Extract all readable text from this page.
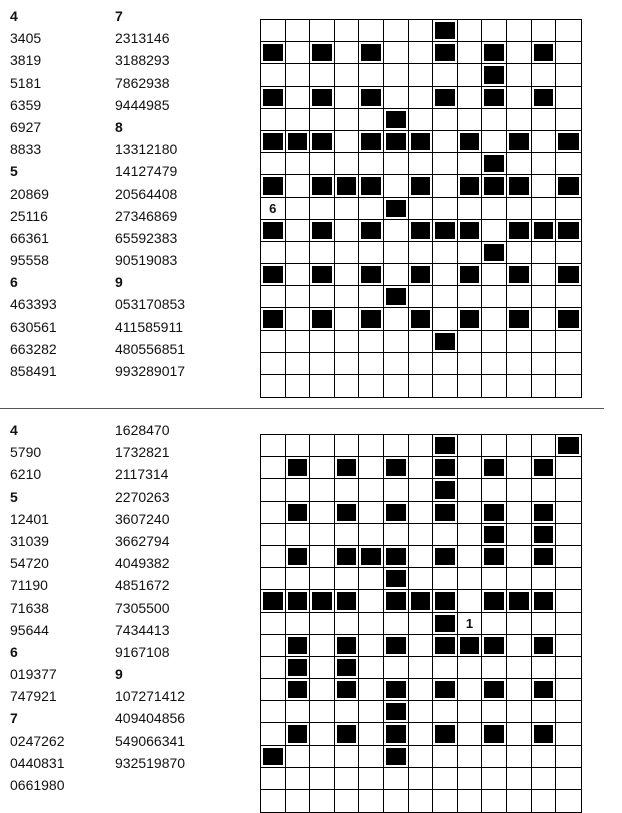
4
3405
3819
5181
6359
6927
8833
5
20869
25116
66361
95558
6
463393
630561
663282
858491
7
2313146
3188293
7862938
9444985
8
13312180
14127479
20564408
27346869
65592383
90519083
9
053170853
411585911
480556851
993289017
6
4
5790
6210
5
12401
31039
54720
71190
71638
95644
6
019377
747921
7
0247262
0440831
0661980
1628470
1732821
2117314
2270263
3607240
3662794
4049382
4851672
7305500
7434413
9167108
9
107271412
409404856
549066341
932519870
1
